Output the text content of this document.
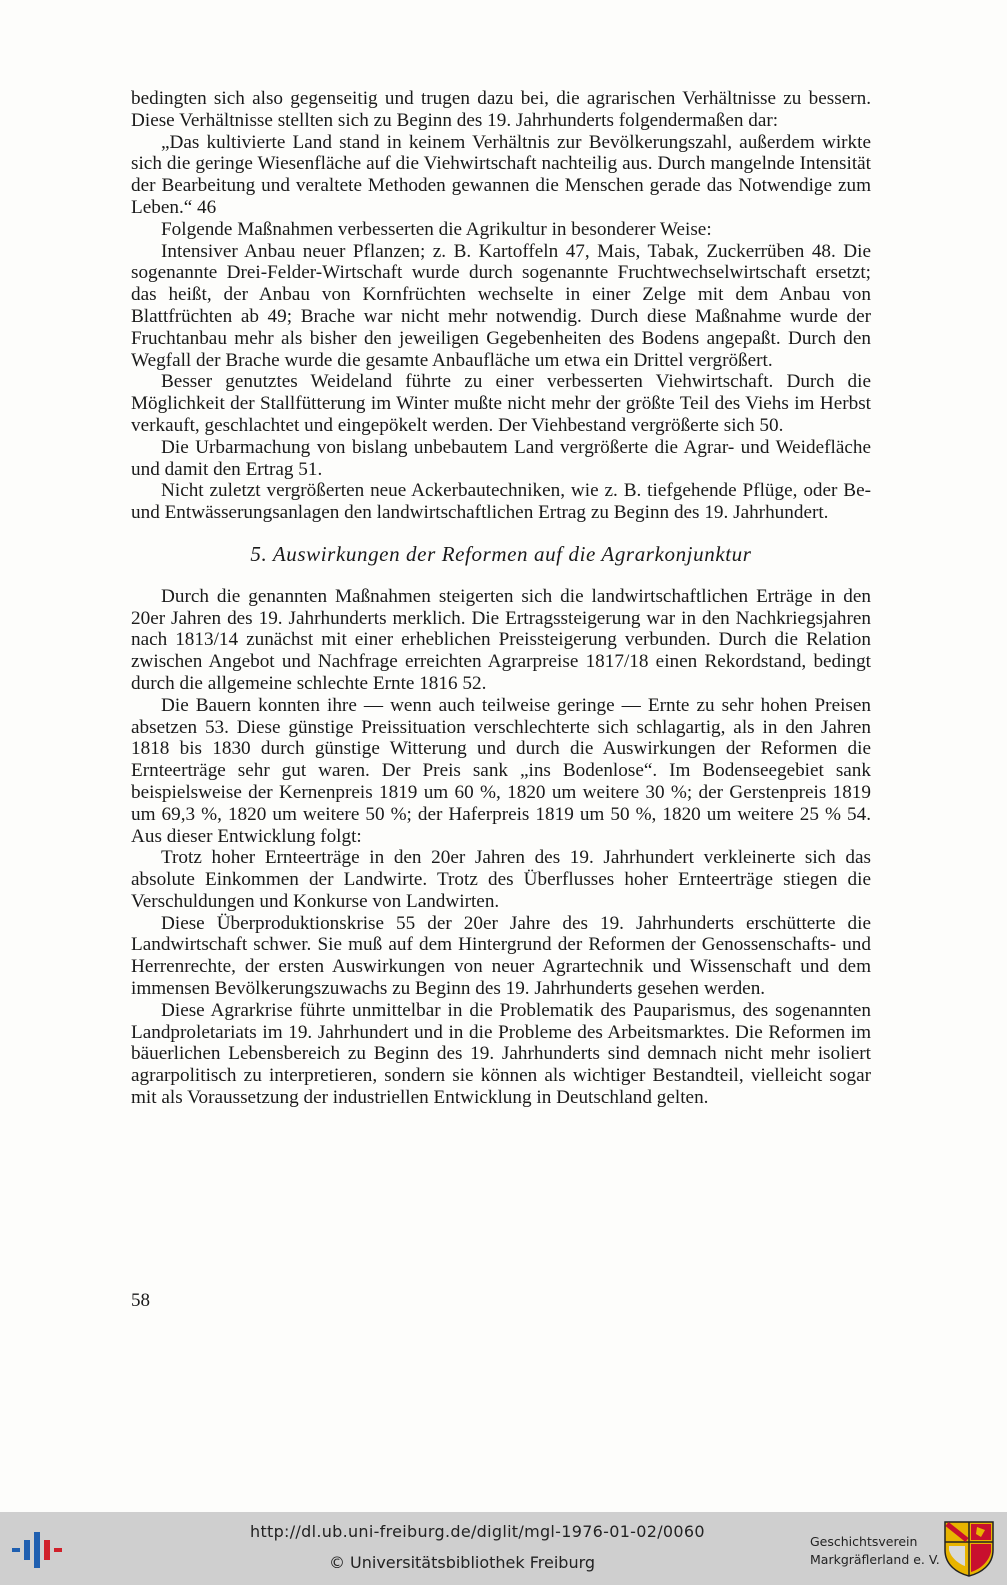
bedingten sich also gegenseitig und trugen dazu bei, die agrarischen Verhältnisse zu bessern. Diese Verhältnisse stellten sich zu Beginn des 19. Jahrhunderts folgendermaßen dar:

„Das kultivierte Land stand in keinem Verhältnis zur Bevölkerungszahl, außerdem wirkte sich die geringe Wiesenfläche auf die Viehwirtschaft nachteilig aus. Durch mangelnde Intensität der Bearbeitung und veraltete Methoden gewannen die Menschen gerade das Notwendige zum Leben.“ 46

Folgende Maßnahmen verbesserten die Agrikultur in besonderer Weise:

Intensiver Anbau neuer Pflanzen; z. B. Kartoffeln 47, Mais, Tabak, Zuckerrüben 48. Die sogenannte Drei-Felder-Wirtschaft wurde durch sogenannte Fruchtwechselwirtschaft ersetzt; das heißt, der Anbau von Kornfrüchten wechselte in einer Zelge mit dem Anbau von Blattfrüchten ab 49; Brache war nicht mehr notwendig. Durch diese Maßnahme wurde der Fruchtanbau mehr als bisher den jeweiligen Gegebenheiten des Bodens angepaßt. Durch den Wegfall der Brache wurde die gesamte Anbaufläche um etwa ein Drittel vergrößert.

Besser genutztes Weideland führte zu einer verbesserten Viehwirtschaft. Durch die Möglichkeit der Stallfütterung im Winter mußte nicht mehr der größte Teil des Viehs im Herbst verkauft, geschlachtet und eingepökelt werden. Der Viehbestand vergrößerte sich 50.

Die Urbarmachung von bislang unbebautem Land vergrößerte die Agrar- und Weidefläche und damit den Ertrag 51.

Nicht zuletzt vergrößerten neue Ackerbautechniken, wie z. B. tiefgehende Pflüge, oder Be- und Entwässerungsanlagen den landwirtschaftlichen Ertrag zu Beginn des 19. Jahrhundert.

5. Auswirkungen der Reformen auf die Agrarkonjunktur

Durch die genannten Maßnahmen steigerten sich die landwirtschaftlichen Erträge in den 20er Jahren des 19. Jahrhunderts merklich. Die Ertragssteigerung war in den Nachkriegsjahren nach 1813/14 zunächst mit einer erheblichen Preissteigerung verbunden. Durch die Relation zwischen Angebot und Nachfrage erreichten Agrarpreise 1817/18 einen Rekordstand, bedingt durch die allgemeine schlechte Ernte 1816 52.

Die Bauern konnten ihre — wenn auch teilweise geringe — Ernte zu sehr hohen Preisen absetzen 53. Diese günstige Preissituation verschlechterte sich schlagartig, als in den Jahren 1818 bis 1830 durch günstige Witterung und durch die Auswirkungen der Reformen die Ernteerträge sehr gut waren. Der Preis sank „ins Bodenlose“. Im Bodenseegebiet sank beispielsweise der Kernenpreis 1819 um 60 %, 1820 um weitere 30 %; der Gerstenpreis 1819 um 69,3 %, 1820 um weitere 50 %; der Haferpreis 1819 um 50 %, 1820 um weitere 25 % 54. Aus dieser Entwicklung folgt:

Trotz hoher Ernteerträge in den 20er Jahren des 19. Jahrhundert verkleinerte sich das absolute Einkommen der Landwirte. Trotz des Überflusses hoher Ernteerträge stiegen die Verschuldungen und Konkurse von Landwirten.

Diese Überproduktionskrise 55 der 20er Jahre des 19. Jahrhunderts erschütterte die Landwirtschaft schwer. Sie muß auf dem Hintergrund der Reformen der Genossenschafts- und Herrenrechte, der ersten Auswirkungen von neuer Agrartechnik und Wissenschaft und dem immensen Bevölkerungszuwachs zu Beginn des 19. Jahrhunderts gesehen werden.

Diese Agrarkrise führte unmittelbar in die Problematik des Pauparismus, des sogenannten Landproletariats im 19. Jahrhundert und in die Probleme des Arbeitsmarktes. Die Reformen im bäuerlichen Lebensbereich zu Beginn des 19. Jahrhunderts sind demnach nicht mehr isoliert agrarpolitisch zu interpretieren, sondern sie können als wichtiger Bestandteil, vielleicht sogar mit als Voraussetzung der industriellen Entwicklung in Deutschland gelten.

58
http://dl.ub.uni-freiburg.de/diglit/mgl-1976-01-02/0060
© Universitätsbibliothek Freiburg
Geschichtsverein
Markgräflerland e. V.
